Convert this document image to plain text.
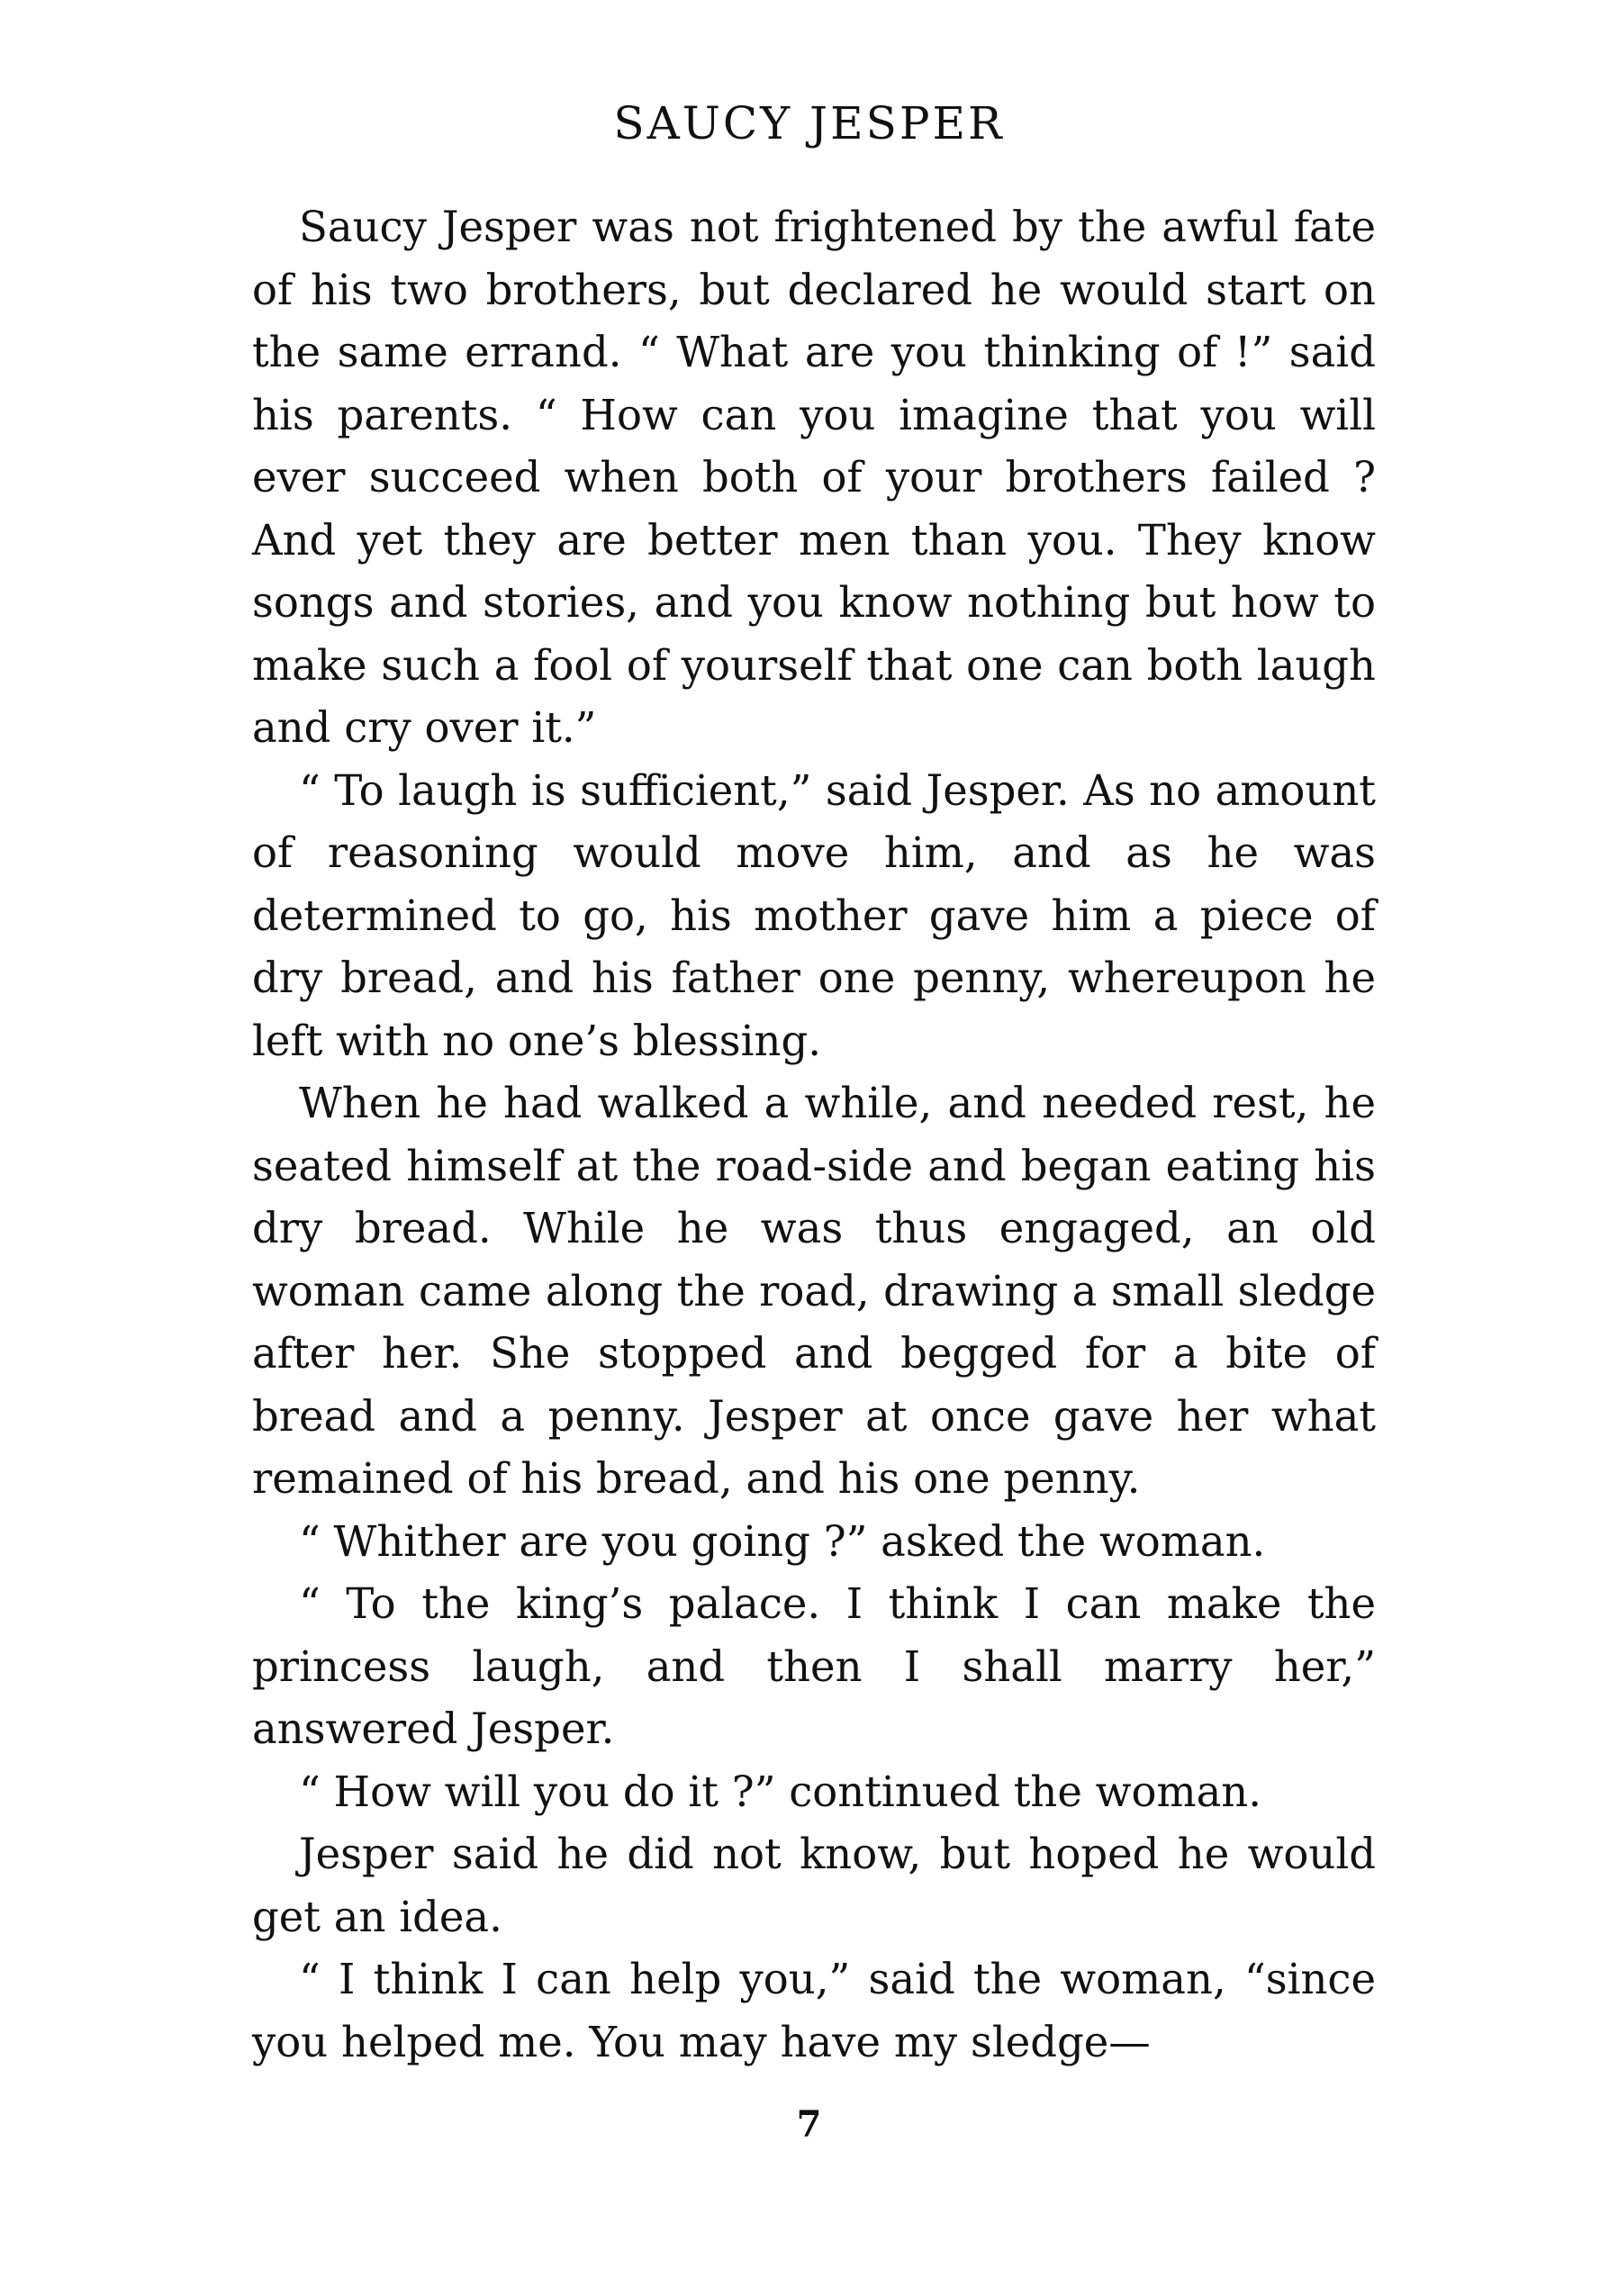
SAUCY JESPER

Saucy Jesper was not frightened by the awful fate of his two brothers, but declared he would start on the same errand. “ What are you thinking of !” said his parents. “ How can you imagine that you will ever succeed when both of your brothers failed ? And yet they are better men than you. They know songs and stories, and you know nothing but how to make such a fool of yourself that one can both laugh and cry over it.”

“ To laugh is sufficient,” said Jesper. As no amount of reasoning would move him, and as he was determined to go, his mother gave him a piece of dry bread, and his father one penny, whereupon he left with no one’s blessing.

When he had walked a while, and needed rest, he seated himself at the road-side and began eating his dry bread. While he was thus engaged, an old woman came along the road, drawing a small sledge after her. She stopped and begged for a bite of bread and a penny. Jesper at once gave her what remained of his bread, and his one penny.

“ Whither are you going ?” asked the woman.

“ To the king’s palace. I think I can make the princess laugh, and then I shall marry her,” answered Jesper.

“ How will you do it ?” continued the woman.

Jesper said he did not know, but hoped he would get an idea.

“ I think I can help you,” said the woman, “since you helped me. You may have my sledge—

7
